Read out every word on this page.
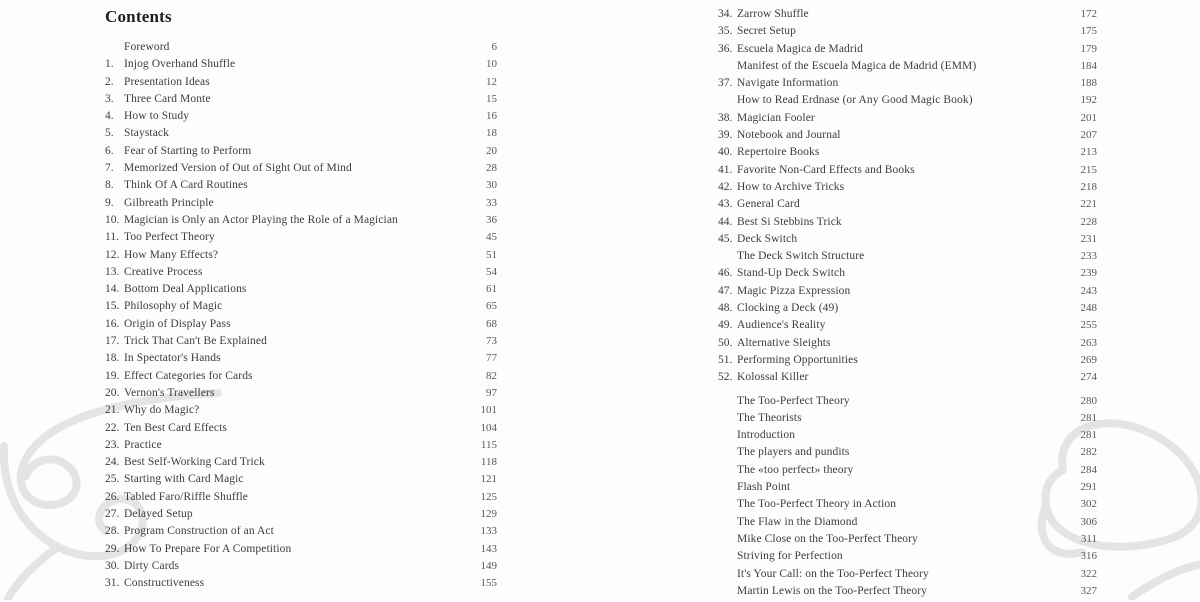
Contents
Foreword	6
1. Injog Overhand Shuffle	10
2. Presentation Ideas	12
3. Three Card Monte	15
4. How to Study	16
5. Staystack	18
6. Fear of Starting to Perform	20
7. Memorized Version of Out of Sight Out of Mind	28
8. Think Of A Card Routines	30
9. Gilbreath Principle	33
10. Magician is Only an Actor Playing the Role of a Magician	36
11. Too Perfect Theory	45
12. How Many Effects?	51
13. Creative Process	54
14. Bottom Deal Applications	61
15. Philosophy of Magic	65
16. Origin of Display Pass	68
17. Trick That Can't Be Explained	73
18. In Spectator's Hands	77
19. Effect Categories for Cards	82
20. Vernon's Travellers	97
21. Why do Magic?	101
22. Ten Best Card Effects	104
23. Practice	115
24. Best Self-Working Card Trick	118
25. Starting with Card Magic	121
26. Tabled Faro/Riffle Shuffle	125
27. Delayed Setup	129
28. Program Construction of an Act	133
29. How To Prepare For A Competition	143
30. Dirty Cards	149
31. Constructiveness	155
34. Zarrow Shuffle	172
35. Secret Setup	175
36. Escuela Magica de Madrid	179
Manifest of the Escuela Magica de Madrid (EMM)	184
37. Navigate Information	188
How to Read Erdnase (or Any Good Magic Book)	192
38. Magician Fooler	201
39. Notebook and Journal	207
40. Repertoire Books	213
41. Favorite Non-Card Effects and Books	215
42. How to Archive Tricks	218
43. General Card	221
44. Best Si Stebbins Trick	228
45. Deck Switch	231
The Deck Switch Structure	233
46. Stand-Up Deck Switch	239
47. Magic Pizza Expression	243
48. Clocking a Deck (49)	248
49. Audience's Reality	255
50. Alternative Sleights	263
51. Performing Opportunities	269
52. Kolossal Killer	274
The Too-Perfect Theory	280
The Theorists	281
Introduction	281
The players and pundits	282
The «too perfect» theory	284
Flash Point	291
The Too-Perfect Theory in Action	302
The Flaw in the Diamond	306
Mike Close on the Too-Perfect Theory	311
Striving for Perfection	316
It's Your Call: on the Too-Perfect Theory	322
Martin Lewis on the Too-Perfect Theory	327
